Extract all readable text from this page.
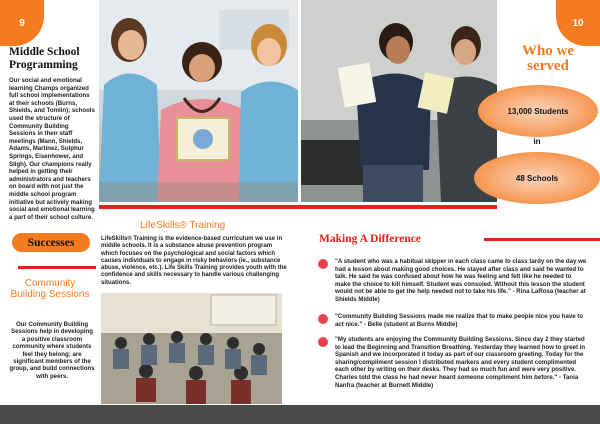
9	10
Middle School Programming
Our social and emotional learning Champs organized full school implementations at their schools (Burns, Shields, and Tomlin); schools used the structure of Community Building Sessions in their staff meetings (Mann, Shields, Adams, Martinez, Sulphur Springs, Eisenhower, and Sligh). Our champions really helped in getting their administrators and teachers on board with not just the middle school program initiative but actively making social and emotional learning a part of their school culture.
Who we served
13,000 Students
in
48 Schools
Successes
Community Building Sessions
Our Community Building Sessions help in developing a positive classroom community where students feel they belong; are significant members of the group, and build connections with peers.
LifeSkills® Training
LifeSkills® Training is the evidence-based curriculum we use in middle schools. It is a substance abuse prevention program which focuses on the psychological and social factors which causes individuals to engage in risky behaviors (ie., substance abuse, violence, etc.). Life Skills Training provides youth with the confidence and skills necessary to handle various challenging situations.
Making A Difference
"A student who was a habitual skipper in each class came to class tardy on the day we had a lesson about making good choices. He stayed after class and said he wanted to talk. He said he was confused about how he was feeling and felt like he needed to make the choice to kill himself. Student was consoled. Without this lesson the student would not be able to get the help needed not to take his life." - Rina LaRosa (teacher at Shields Middle)
"Community Building Sessions made me realize that to make people nice you have to act nice." - Belle (student at Burns Middle)
"My students are enjoying the Community Building Sessions. Since day 2 they started to lead the Beginning and Transition Breathing. Yesterday they learned how to greet in Spanish and we incorporated it today as part of our classroom greeting. Today for the sharing/compliment session I distributed markers and every student complimented each other by writing on their desks. They had so much fun and were very positive. Charles told the class he had never heard someone compliment him before." - Tania Nanfra (teacher at Burnett Middle)
